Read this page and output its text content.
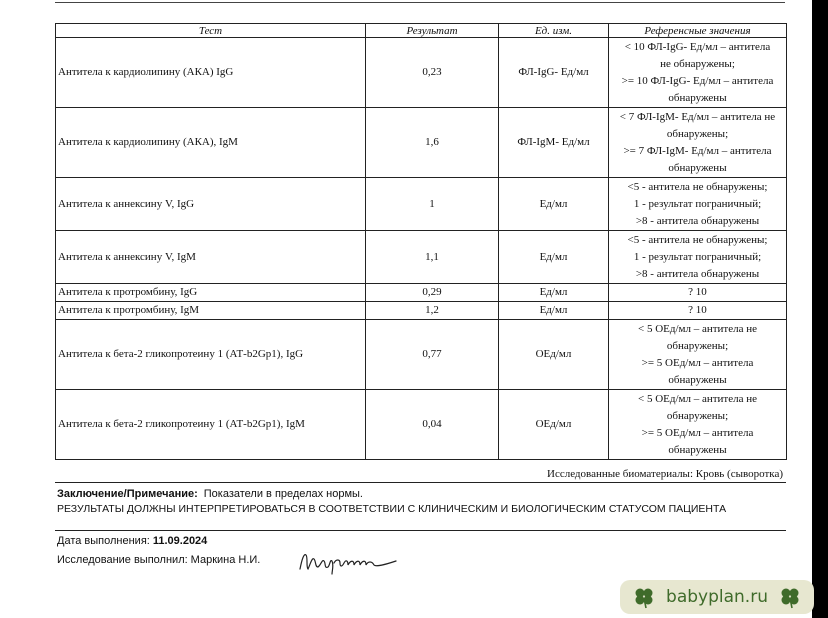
Тест	Результат	Ед. изм.	Референсные значения
Антитела к кардиолипину (АКА) IgG	0,23	ФЛ-IgG- Ед/мл	< 10 ФЛ-IgG- Ед/мл – антитела
не обнаружены;
>= 10 ФЛ-IgG- Ед/мл – антитела
обнаружены

Антитела к кардиолипину (АКА), IgM	1,6	ФЛ-IgM- Ед/мл	< 7 ФЛ-IgM- Ед/мл – антитела не
обнаружены;
>= 7 ФЛ-IgM- Ед/мл – антитела
обнаружены

Антитела к аннексину V, IgG	1	Ед/мл	<5 - антитела не обнаружены;
1 - результат пограничный;
>8 - антитела обнаружены

Антитела к аннексину V, IgM	1,1	Ед/мл	<5 - антитела не обнаружены;
1 - результат пограничный;
>8 - антитела обнаружены

Антитела к протромбину, IgG	0,29	Ед/мл	? 10

Антитела к протромбину, IgM	1,2	Ед/мл	? 10

Антитела к бета-2 гликопротеину 1 (АТ-b2Gp1), IgG	0,77	ОЕд/мл	< 5 ОЕд/мл – антитела не
обнаружены;
>= 5 ОЕд/мл – антитела
обнаружены

Антитела к бета-2 гликопротеину 1 (АТ-b2Gp1), IgM	0,04	ОЕд/мл	< 5 ОЕд/мл – антитела не
обнаружены;
>= 5 ОЕд/мл – антитела
обнаружены
Исследованные биоматериалы: Кровь (сыворотка)
Заключение/Примечание: Показатели в пределах нормы.
РЕЗУЛЬТАТЫ ДОЛЖНЫ ИНТЕРПРЕТИРОВАТЬСЯ В СООТВЕТСТВИИ С КЛИНИЧЕСКИМ И БИОЛОГИЧЕСКИМ СТАТУСОМ ПАЦИЕНТА
Дата выполнения: 11.09.2024
Исследование выполнил: Маркина Н.И.
babyplan.ru
